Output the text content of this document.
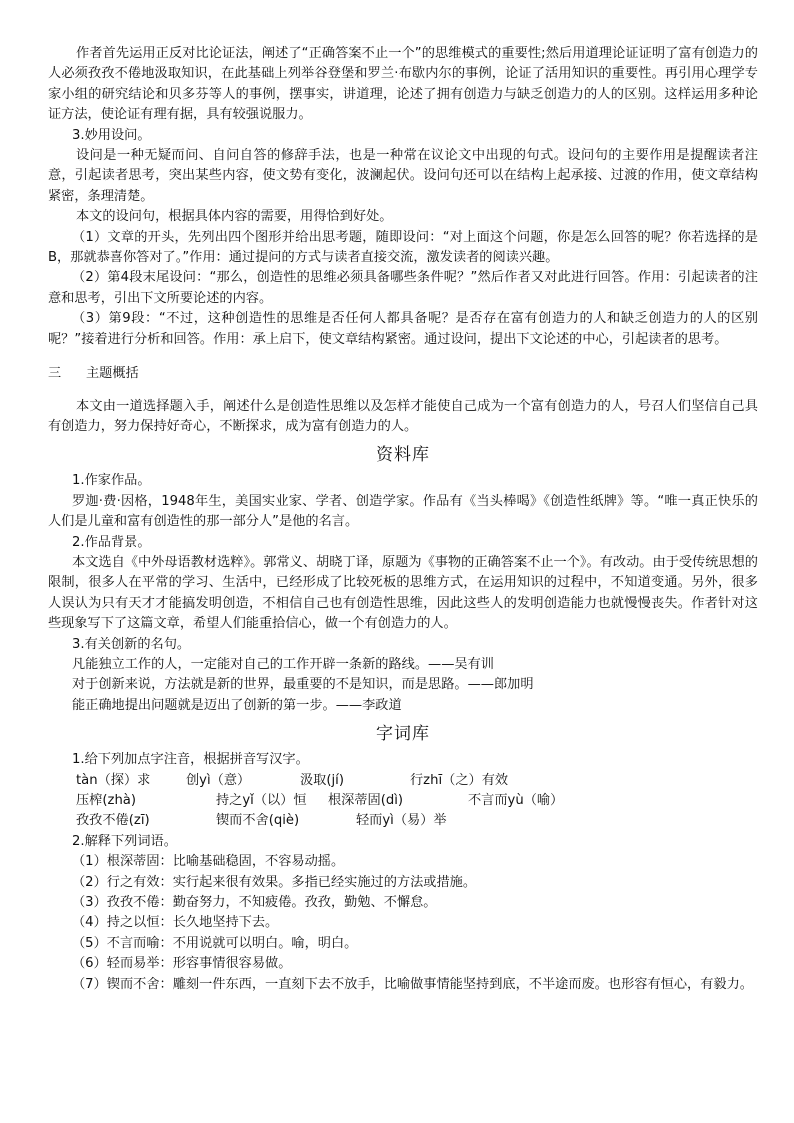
作者首先运用正反对比论证法，阐述了“正确答案不止一个”的思维模式的重要性;然后用道理论证证明了富有创造力的人必须孜孜不倦地汲取知识，在此基础上列举谷登堡和罗兰·布歇内尔的事例，论证了活用知识的重要性。再引用心理学专家小组的研究结论和贝多芬等人的事例，摆事实，讲道理，论述了拥有创造力与缺乏创造力的人的区别。这样运用多种论证方法，使论证有理有据，具有较强说服力。

3.妙用设问。

设问是一种无疑而问、自问自答的修辞手法，也是一种常在议论文中出现的句式。设问句的主要作用是提醒读者注意，引起读者思考，突出某些内容，使文势有变化，波澜起伏。设问句还可以在结构上起承接、过渡的作用，使文章结构紧密，条理清楚。

本文的设问句，根据具体内容的需要，用得恰到好处。

（1）文章的开头，先列出四个图形并给出思考题，随即设问：“对上面这个问题，你是怎么回答的呢？你若选择的是B，那就恭喜你答对了。”作用：通过提问的方式与读者直接交流，激发读者的阅读兴趣。

（2）第4段末尾设问：“那么，创造性的思维必须具备哪些条件呢？”然后作者又对此进行回答。作用：引起读者的注意和思考，引出下文所要论述的内容。

（3）第9段：“不过，这种创造性的思维是否任何人都具备呢？是否存在富有创造力的人和缺乏创造力的人的区别呢？”接着进行分析和回答。作用：承上启下，使文章结构紧密。通过设问，提出下文论述的中心，引起读者的思考。

三	主题概括

本文由一道选择题入手，阐述什么是创造性思维以及怎样才能使自己成为一个富有创造力的人，号召人们坚信自己具有创造力，努力保持好奇心，不断探求，成为富有创造力的人。

资料库

1.作家作品。

罗迦·费·因格，1948年生，美国实业家、学者、创造学家。作品有《当头棒喝》《创造性纸牌》等。“唯一真正快乐的人们是儿童和富有创造性的那一部分人”是他的名言。

2.作品背景。

本文选自《中外母语教材选粹》。郭常义、胡晓丁译，原题为《事物的正确答案不止一个》。有改动。由于受传统思想的限制，很多人在平常的学习、生活中，已经形成了比较死板的思维方式，在运用知识的过程中，不知道变通。另外，很多人误认为只有天才才能搞发明创造，不相信自己也有创造性思维，因此这些人的发明创造能力也就慢慢丧失。作者针对这些现象写下了这篇文章，希望人们能重拾信心，做一个有创造力的人。

3.有关创新的名句。

凡能独立工作的人，一定能对自己的工作开辟一条新的路线。——吴有训

对于创新来说，方法就是新的世界，最重要的不是知识，而是思路。——郎加明

能正确地提出问题就是迈出了创新的第一步。——李政道

字词库

1.给下列加点字注音，根据拼音写汉字。

tàn（探）求	创yì（意）	汲取(jí)	行zhī（之）有效
压榨(zhà)	持之yǐ（以）恒	根深蒂固(dì)	不言而yù（喻）
孜孜不倦(zī)	锲而不舍(qiè)	轻而yì（易）举

2.解释下列词语。

（1）根深蒂固：比喻基础稳固，不容易动摇。

（2）行之有效：实行起来很有效果。多指已经实施过的方法或措施。

（3）孜孜不倦：勤奋努力，不知疲倦。孜孜，勤勉、不懈怠。

（4）持之以恒：长久地坚持下去。

（5）不言而喻：不用说就可以明白。喻，明白。

（6）轻而易举：形容事情很容易做。

（7）锲而不舍：雕刻一件东西，一直刻下去不放手，比喻做事情能坚持到底，不半途而废。也形容有恒心，有毅力。
